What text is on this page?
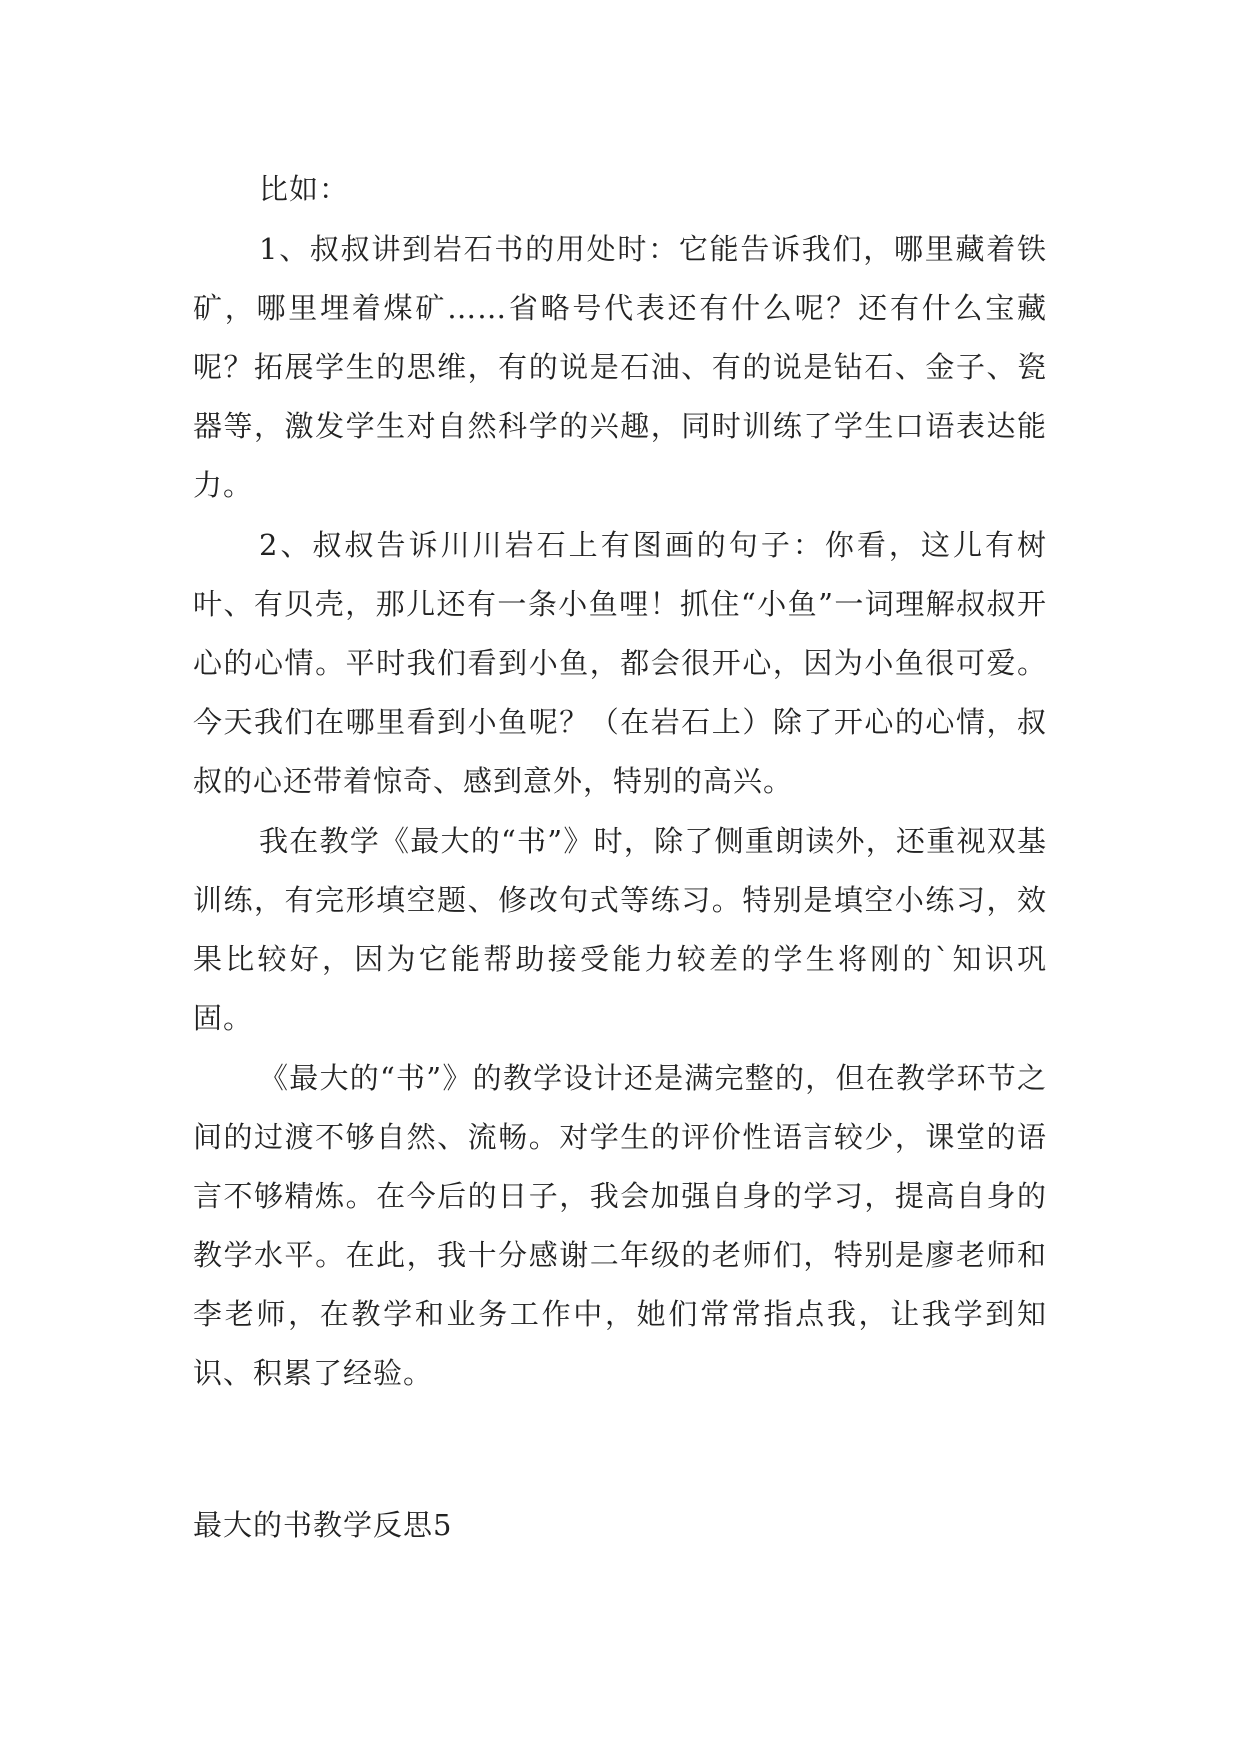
比如：

1、叔叔讲到岩石书的用处时：它能告诉我们，哪里藏着铁矿，哪里埋着煤矿……省略号代表还有什么呢？还有什么宝藏呢？拓展学生的思维，有的说是石油、有的说是钻石、金子、瓷器等，激发学生对自然科学的兴趣，同时训练了学生口语表达能力。

2、叔叔告诉川川岩石上有图画的句子：你看，这儿有树叶、有贝壳，那儿还有一条小鱼哩！抓住“小鱼”一词理解叔叔开心的心情。平时我们看到小鱼，都会很开心，因为小鱼很可爱。今天我们在哪里看到小鱼呢？（在岩石上）除了开心的心情，叔叔的心还带着惊奇、感到意外，特别的高兴。

我在教学《最大的“书”》时，除了侧重朗读外，还重视双基训练，有完形填空题、修改句式等练习。特别是填空小练习，效果比较好，因为它能帮助接受能力较差的学生将刚的`知识巩固。

《最大的“书”》的教学设计还是满完整的，但在教学环节之间的过渡不够自然、流畅。对学生的评价性语言较少，课堂的语言不够精炼。在今后的日子，我会加强自身的学习，提高自身的教学水平。在此，我十分感谢二年级的老师们，特别是廖老师和李老师，在教学和业务工作中，她们常常指点我，让我学到知识、积累了经验。

最大的书教学反思5
